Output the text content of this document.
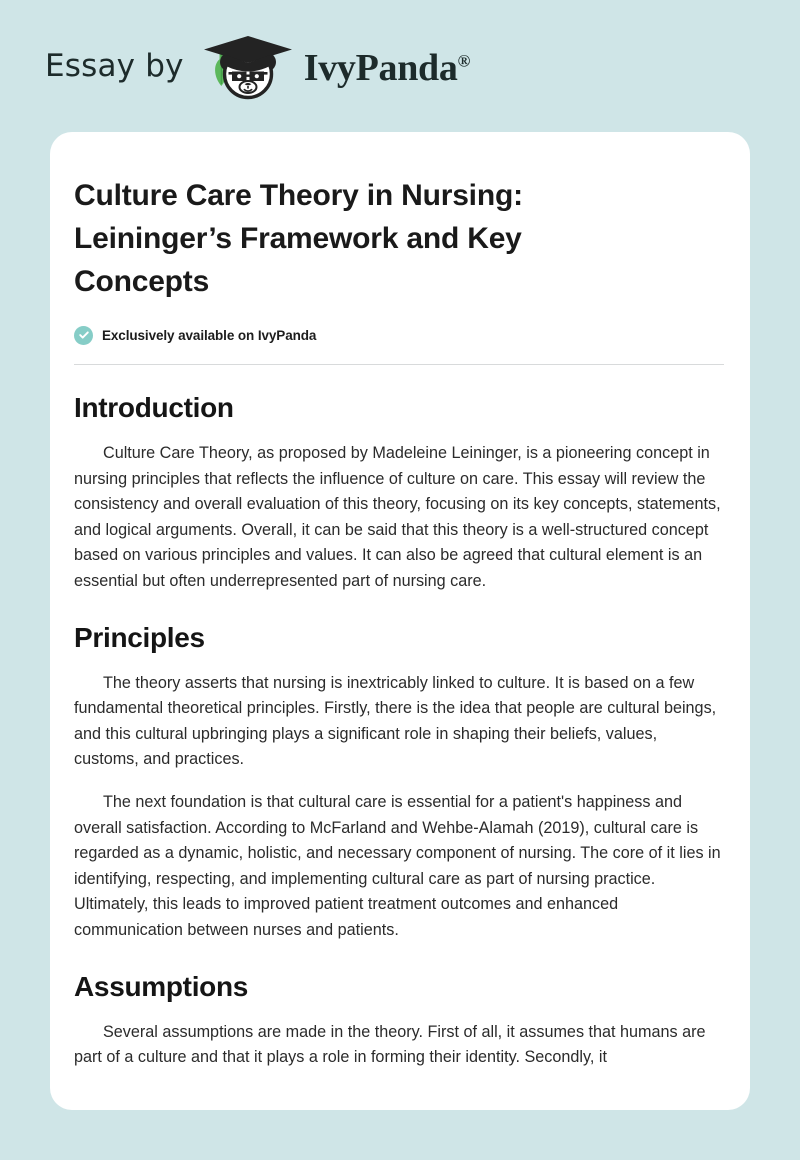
Essay by	IvyPanda®
Culture Care Theory in Nursing: Leininger’s Framework and Key Concepts
Exclusively available on IvyPanda
Introduction

Culture Care Theory, as proposed by Madeleine Leininger, is a pioneering concept in nursing principles that reflects the influence of culture on care. This essay will review the consistency and overall evaluation of this theory, focusing on its key concepts, statements, and logical arguments. Overall, it can be said that this theory is a well-structured concept based on various principles and values. It can also be agreed that cultural element is an essential but often underrepresented part of nursing care.

Principles

The theory asserts that nursing is inextricably linked to culture. It is based on a few fundamental theoretical principles. Firstly, there is the idea that people are cultural beings, and this cultural upbringing plays a significant role in shaping their beliefs, values, customs, and practices.

The next foundation is that cultural care is essential for a patient's happiness and overall satisfaction. According to McFarland and Wehbe-Alamah (2019), cultural care is regarded as a dynamic, holistic, and necessary component of nursing. The core of it lies in identifying, respecting, and implementing cultural care as part of nursing practice. Ultimately, this leads to improved patient treatment outcomes and enhanced communication between nurses and patients.

Assumptions

Several assumptions are made in the theory. First of all, it assumes that humans are part of a culture and that it plays a role in forming their identity. Secondly, it
